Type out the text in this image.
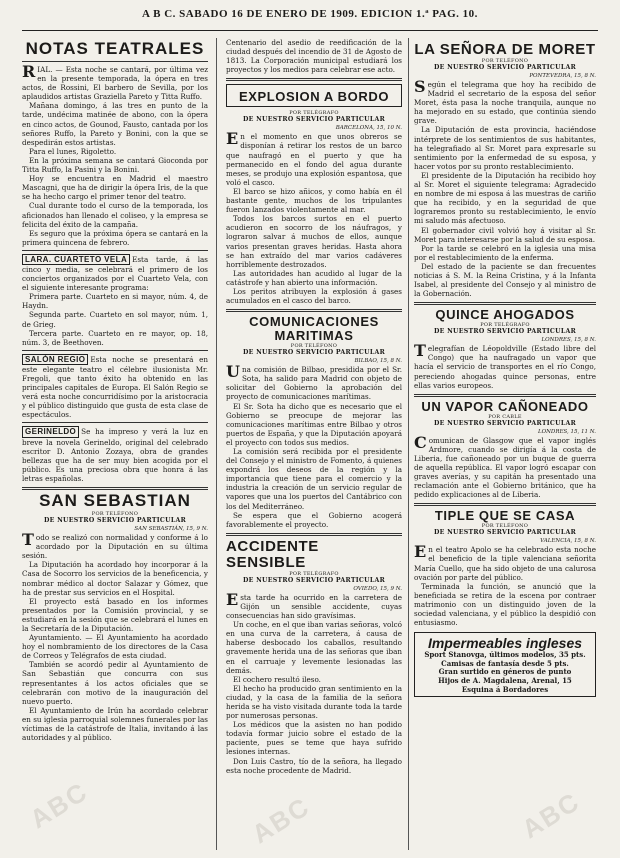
A B C. SABADO 16 DE ENERO DE 1909. EDICION 1.ª PAG. 10.
NOTAS TEATRALES

RIAL. — Esta noche se cantará, por última vez en la presente temporada, la ópera en tres actos, de Rossini, El barbero de Sevilla, por los aplaudidos artistas Graziella Pareto y Titta Ruffo.

Mañana domingo, á las tres en punto de la tarde, undécima matinée de abono, con la ópera en cinco actos, de Gounod, Fausto, cantada por los señores Ruffo, la Pareto y Bonini, con la que se despedirán estos artistas.

Para el lunes, Rigoletto.

En la próxima semana se cantará Gioconda por Titta Ruffo, la Pasini y la Bonini.

Hoy se encuentra en Madrid el maestro Mascagni, que ha de dirigir la ópera Iris, de la que se ha hecho cargo el primer tenor del teatro.

Cual durante todo el curso de la temporada, los aficionados han llenado el coliseo, y la empresa se felicita del éxito de la campaña.

Es seguro que la próxima ópera se cantará en la primera quincena de febrero.

LARA. CUARTETO VELA Esta tarde, á las cinco y media, se celebrará el primero de los conciertos organizados por el Cuarteto Vela, con el siguiente interesante programa:

Primera parte. Cuarteto en si mayor, núm. 4, de Haydn.

Segunda parte. Cuarteto en sol mayor, núm. 1, de Grieg.

Tercera parte. Cuarteto en re mayor, op. 18, núm. 3, de Beethoven.

SALÓN REGIO Esta noche se presentará en este elegante teatro el célebre ilusionista Mr. Fregoli, que tanto éxito ha obtenido en las principales capitales de Europa. El Salón Regio se verá esta noche concurridísimo por la aristocracia y el público distinguido que gusta de esta clase de espectáculos.

GERINELDO Se ha impreso y verá la luz en breve la novela Gerineldo, original del celebrado escritor D. Antonio Zozaya, obra de grandes bellezas que ha de ser muy bien acogida por el público. Es una preciosa obra que honra á las letras españolas.

SAN SEBASTIAN
POR TELÉFONO
DE NUESTRO SERVICIO PARTICULAR
SAN SEBASTIÁN, 15, 9 N.

Todo se realizó con normalidad y conforme á lo acordado por la Diputación en su última sesión.

La Diputación ha acordado hoy incorporar á la Casa de Socorro los servicios de la beneficencia, y nombrar médico al doctor Salazar y Gómez, que ha de prestar sus servicios en el Hospital.

El proyecto está basado en los informes presentados por la Comisión provincial, y se estudiará en la sesión que se celebrará el lunes en la Secretaría de la Diputación.

Ayuntamiento. — El Ayuntamiento ha acordado hoy el nombramiento de los directores de la Casa de Correos y Telégrafos de esta ciudad.

También se acordó pedir al Ayuntamiento de San Sebastián que concurra con sus representantes á los actos oficiales que se celebrarán con motivo de la inauguración del nuevo puerto.

El Ayuntamiento de Irún ha acordado celebrar en su iglesia parroquial solemnes funerales por las víctimas de la catástrofe de Italia, invitando á las autoridades y al público.

Centenario del asedio de reedificación de la ciudad después del incendio de 31 de Agosto de 1813. La Corporación municipal estudiará los proyectos y los medios para celebrar ese acto.

EXPLOSION A BORDO
POR TELÉGRAFO
DE NUESTRO SERVICIO PARTICULAR
BARCELONA, 15, 10 N.

En el momento en que unos obreros se disponían á retirar los restos de un barco que naufragó en el puerto y que ha permanecido en el fondo del agua durante meses, se produjo una explosión espantosa, que voló el casco.

El barco se hizo añicos, y como había en él bastante gente, muchos de los tripulantes fueron lanzados violentamente al mar.

Todos los barcos surtos en el puerto acudieron en socorro de los náufragos, y lograron salvar á muchos de ellos, aunque varios presentan graves heridas. Hasta ahora se han extraído del mar varios cadáveres horriblemente destrozados.

Las autoridades han acudido al lugar de la catástrofe y han abierto una información.

Los peritos atribuyen la explosión á gases acumulados en el casco del barco.

COMUNICACIONES MARITIMAS
POR TELÉFONO
DE NUESTRO SERVICIO PARTICULAR
BILBAO, 15, 8 N.

Una comisión de Bilbao, presidida por el Sr. Sota, ha salido para Madrid con objeto de solicitar del Gobierno la aprobación del proyecto de comunicaciones marítimas.

El Sr. Sota ha dicho que es necesario que el Gobierno se preocupe de mejorar las comunicaciones marítimas entre Bilbao y otros puertos de España, y que la Diputación apoyará el proyecto con todos sus medios.

La comisión será recibida por el presidente del Consejo y el ministro de Fomento, á quienes expondrá los deseos de la región y la importancia que tiene para el comercio y la industria la creación de un servicio regular de vapores que una los puertos del Cantábrico con los del Mediterráneo.

Se espera que el Gobierno acogerá favorablemente el proyecto.

ACCIDENTE SENSIBLE
POR TELÉGRAFO
DE NUESTRO SERVICIO PARTICULAR
OVIEDO, 15, 9 N.

Esta tarde ha ocurrido en la carretera de Gijón un sensible accidente, cuyas consecuencias han sido gravísimas.

Un coche, en el que iban varias señoras, volcó en una curva de la carretera, á causa de haberse desbocado los caballos, resultando gravemente herida una de las señoras que iban en el carruaje y levemente lesionadas las demás.

El cochero resultó ileso.

El hecho ha producido gran sentimiento en la ciudad, y la casa de la familia de la señora herida se ha visto visitada durante toda la tarde por numerosas personas.

Los médicos que la asisten no han podido todavía formar juicio sobre el estado de la paciente, pues se teme que haya sufrido lesiones internas.

Don Luis Castro, tío de la señora, ha llegado esta noche procedente de Madrid.

LA SEÑORA DE MORET
POR TELÉFONO
DE NUESTRO SERVICIO PARTICULAR
PONTEVEDRA, 15, 8 N.

Según el telegrama que hoy ha recibido de Madrid el secretario de la esposa del señor Moret, ésta pasa la noche tranquila, aunque no ha mejorado en su estado, que continúa siendo grave.

La Diputación de esta provincia, haciéndose intérprete de los sentimientos de sus habitantes, ha telegrafiado al Sr. Moret para expresarle su sentimiento por la enfermedad de su esposa, y hacer votos por su pronto restablecimiento.

El presidente de la Diputación ha recibido hoy al Sr. Moret el siguiente telegrama: Agradecido en nombre de mi esposa á las muestras de cariño que ha recibido, y en la seguridad de que lograremos pronto su restablecimiento, le envío mi saludo más afectuoso.

El gobernador civil volvió hoy á visitar al Sr. Moret para interesarse por la salud de su esposa.

Por la tarde se celebró en la iglesia una misa por el restablecimiento de la enferma.

Del estado de la paciente se dan frecuentes noticias á S. M. la Reina Cristina, y á la Infanta Isabel, al presidente del Consejo y al ministro de la Gobernación.

QUINCE AHOGADOS
POR TELÉGRAFO
DE NUESTRO SERVICIO PARTICULAR
LONDRES, 15, 8 N.

Telegrafían de Léopoldville (Estado libre del Congo) que ha naufragado un vapor que hacía el servicio de transportes en el río Congo, pereciendo ahogadas quince personas, entre ellas varios europeos.

UN VAPOR CAÑONEADO
POR CABLE
DE NUESTRO SERVICIO PARTICULAR
LONDRES, 15, 11 N.

Comunican de Glasgow que el vapor inglés Ardmore, cuando se dirigía á la costa de Liberia, fue cañoneado por un buque de guerra de aquella república. El vapor logró escapar con graves averías, y su capitán ha presentado una reclamación ante el Gobierno británico, que ha pedido explicaciones al de Liberia.

TIPLE QUE SE CASA
POR TELÉFONO
DE NUESTRO SERVICIO PARTICULAR
VALENCIA, 15, 8 N.

En el teatro Apolo se ha celebrado esta noche el beneficio de la tiple valenciana señorita María Cuello, que ha sido objeto de una calurosa ovación por parte del público.

Terminada la función, se anunció que la beneficiada se retira de la escena por contraer matrimonio con un distinguido joven de la sociedad valenciana, y el público la despidió con entusiasmo.

Impermeables ingleses
Sport Stanovga, últimos modelos, 35 pts.
Camisas de fantasía desde 5 pts.
Gran surtido en géneros de punto
Hijos de A. Magdalena, Arenal, 15
Esquina á Bordadores
ABC	ABC	ABC
